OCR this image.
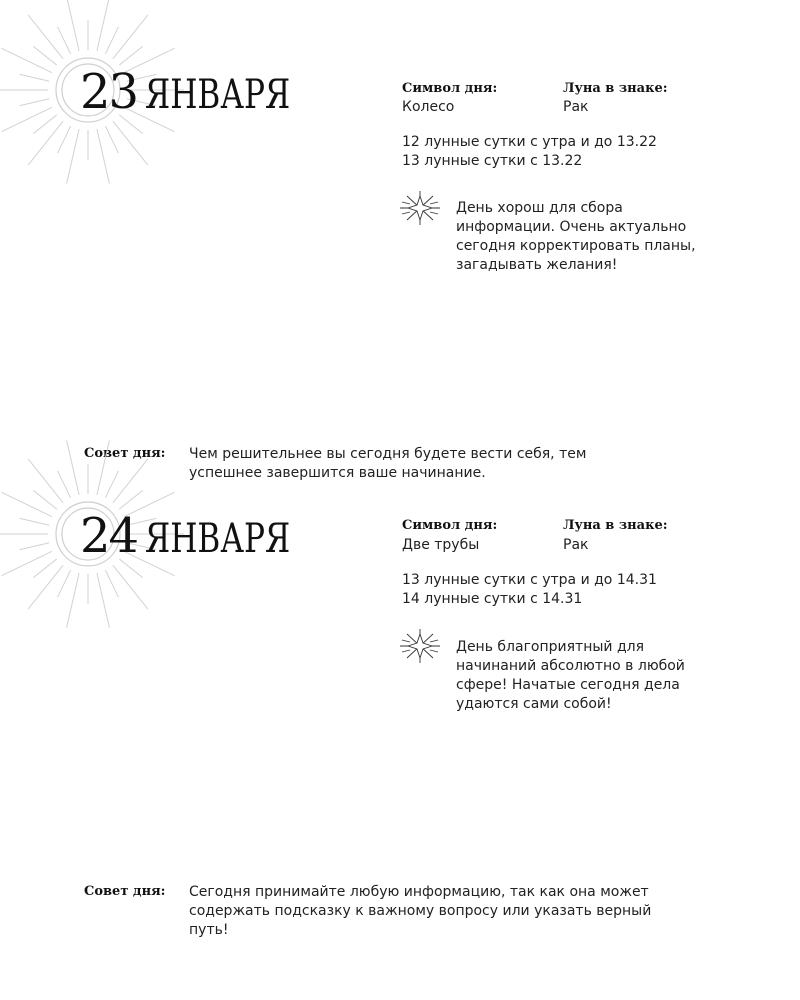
23 ЯНВАРЯ	Символ дня:	Луна в знаке:
Колесо	Рак
12 лунные сутки с утра и до 13.22
13 лунные сутки с 13.22
День хорош для сбора информации. Очень актуально сегодня корректировать планы, загадывать желания!
Совет дня: Чем решительнее вы сегодня будете вести себя, тем успешнее завершится ваше начинание.
24 ЯНВАРЯ	Символ дня:	Луна в знаке:
Две трубы	Рак
13 лунные сутки с утра и до 14.31
14 лунные сутки с 14.31
День благоприятный для начинаний абсолютно в любой сфере! Начатые сегодня дела удаются сами собой!
Совет дня: Сегодня принимайте любую информацию, так как она может содержать подсказку к важному вопросу или указать верный путь!
